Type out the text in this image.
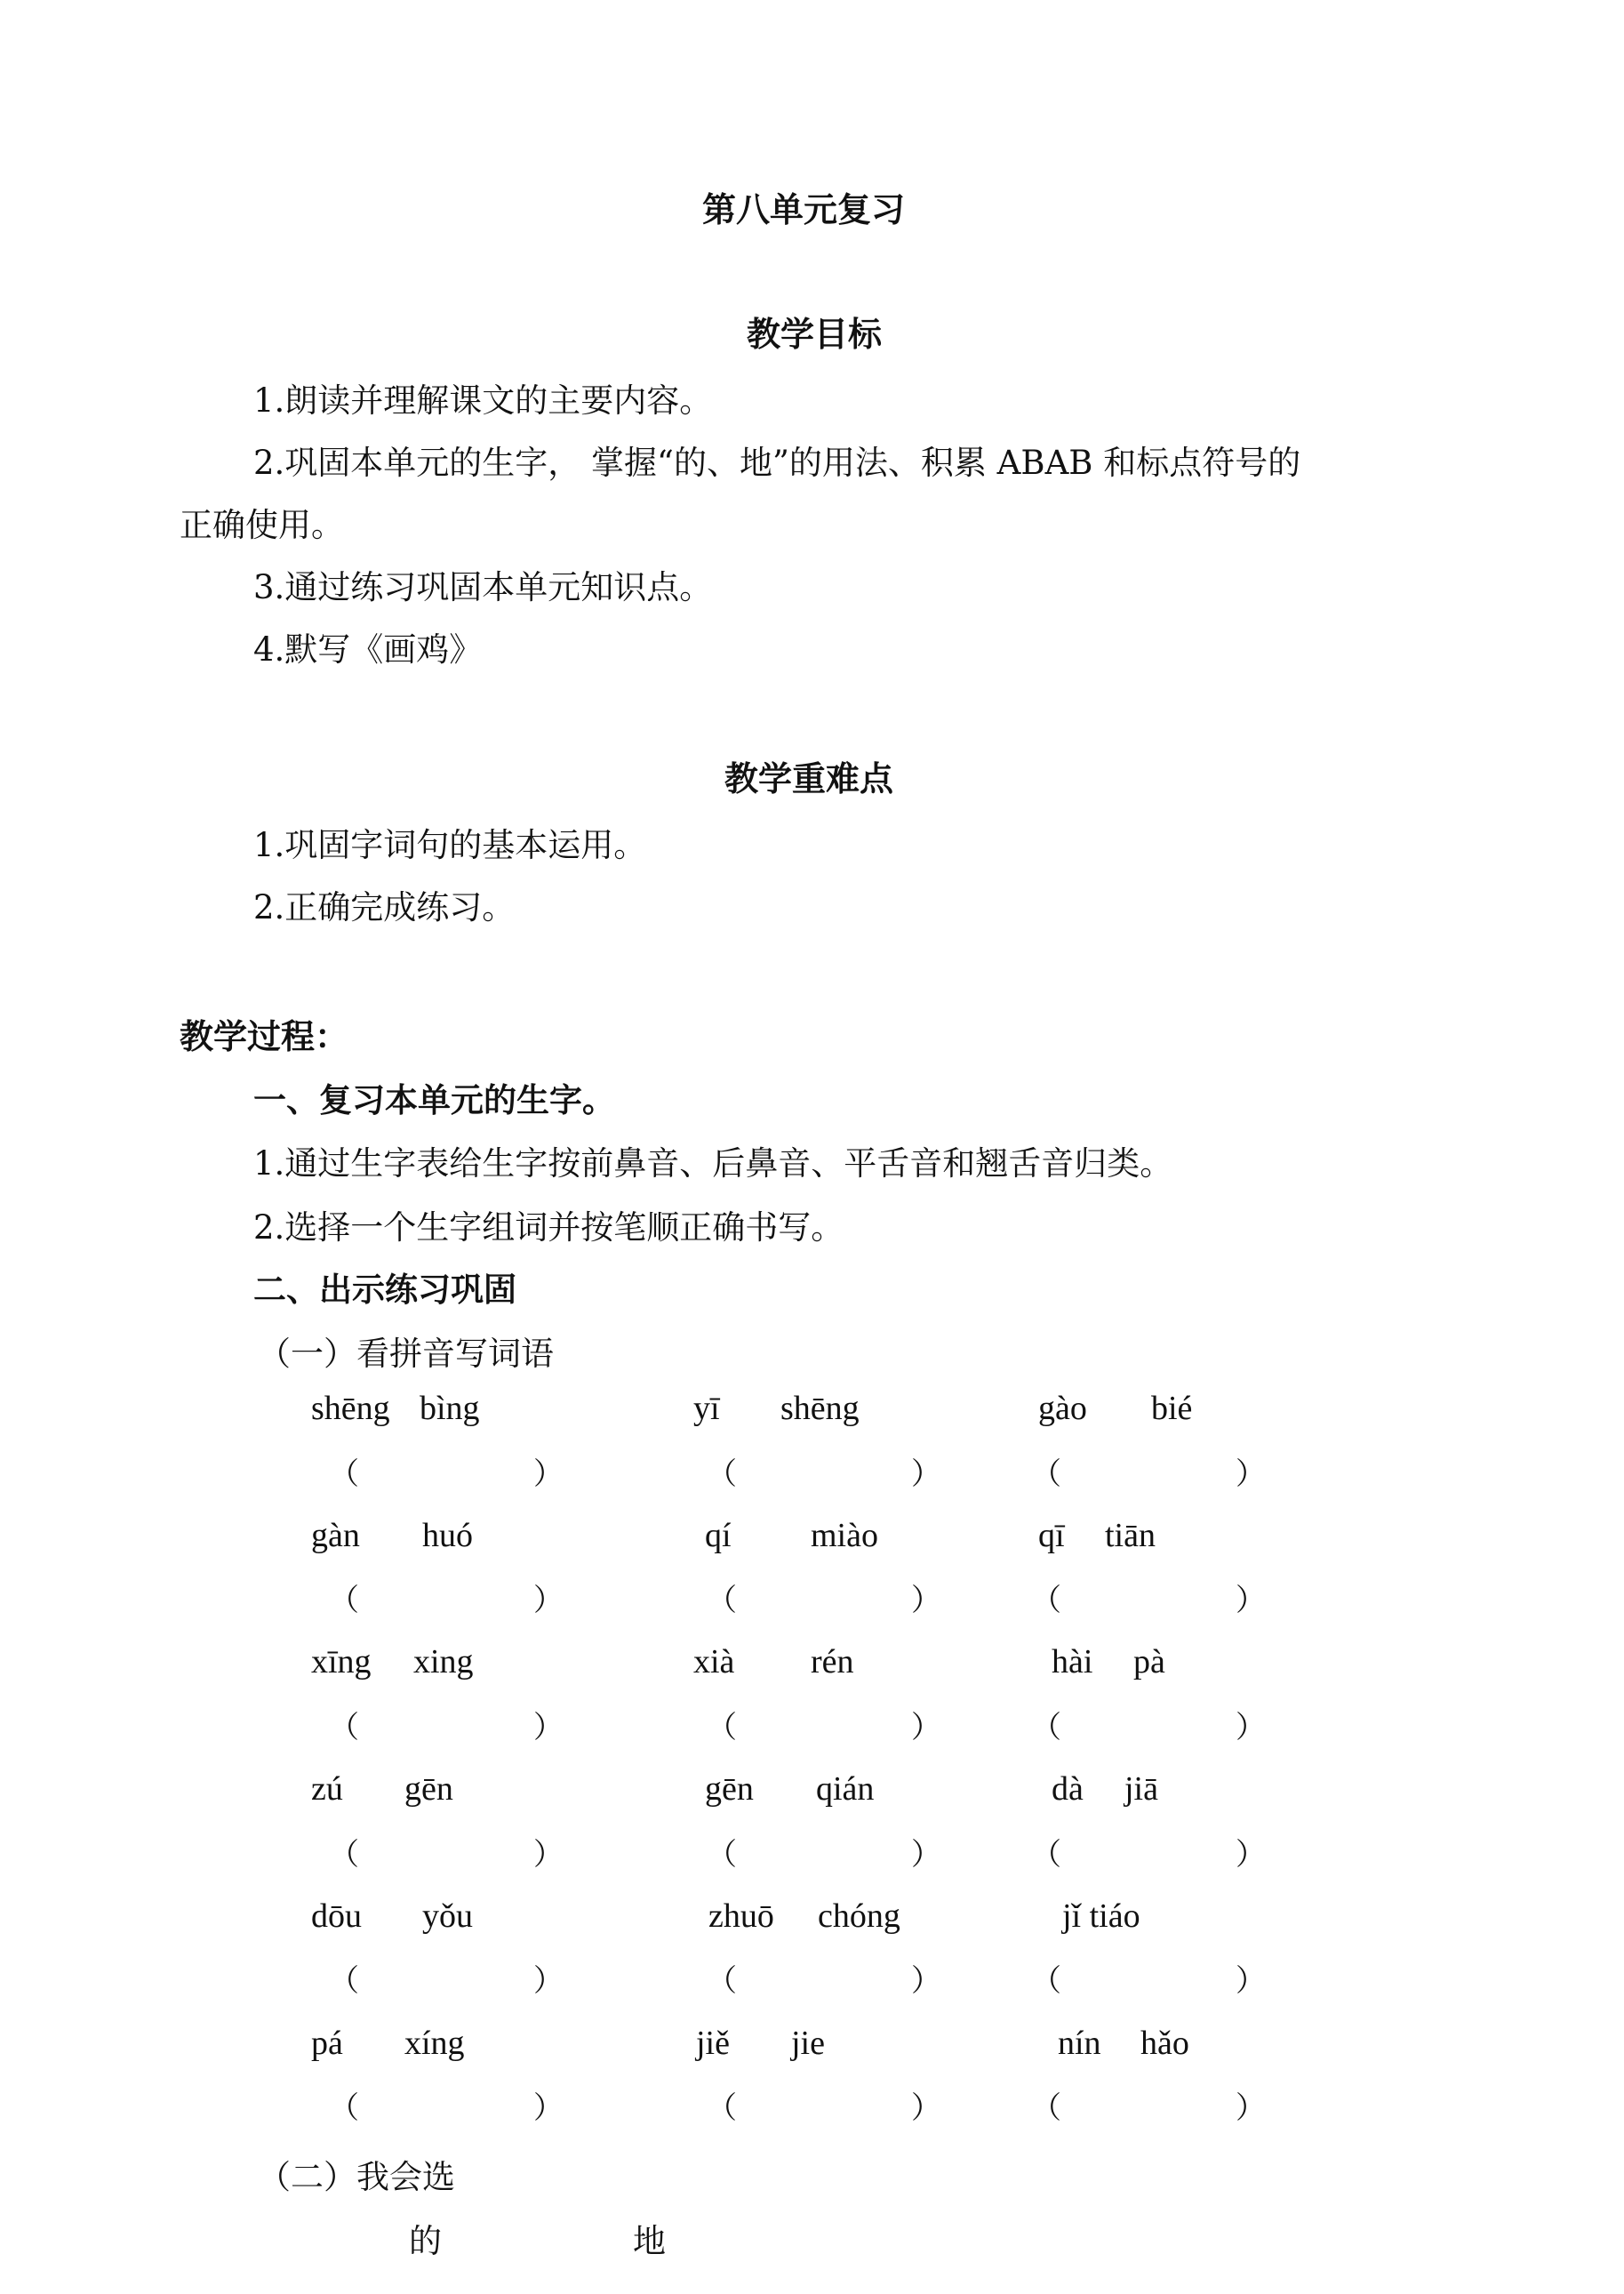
第八单元复习
教学目标
1.朗读并理解课文的主要内容。
2.巩固本单元的生字， 掌握“的、地”的用法、积累 ABAB 和标点符号的
正确使用。
3.通过练习巩固本单元知识点。
4.默写《画鸡》
教学重难点
1.巩固字词句的基本运用。
2.正确完成练习。
教学过程：
一、复习本单元的生字。
1.通过生字表给生字按前鼻音、后鼻音、平舌音和翘舌音归类。
2.选择一个生字组词并按笔顺正确书写。
二、出示练习巩固
（一）看拼音写词语
shēng bìng	yī shēng	gào bié
（	）	（	）	（	）
gàn huó	qí miào	qī tiān
（	）	（	）	（	）
xīng xing	xià rén	hài pà
（	）	（	）	（	）
zú gēn	gēn qián	dà jiā
（	）	（	）	（	）
dōu yǒu	zhuō chóng	jǐ tiáo
（	）	（	）	（	）
pá xíng	jiě jie	nín hǎo
（	）	（	）	（	）
（二）我会选
的	地
